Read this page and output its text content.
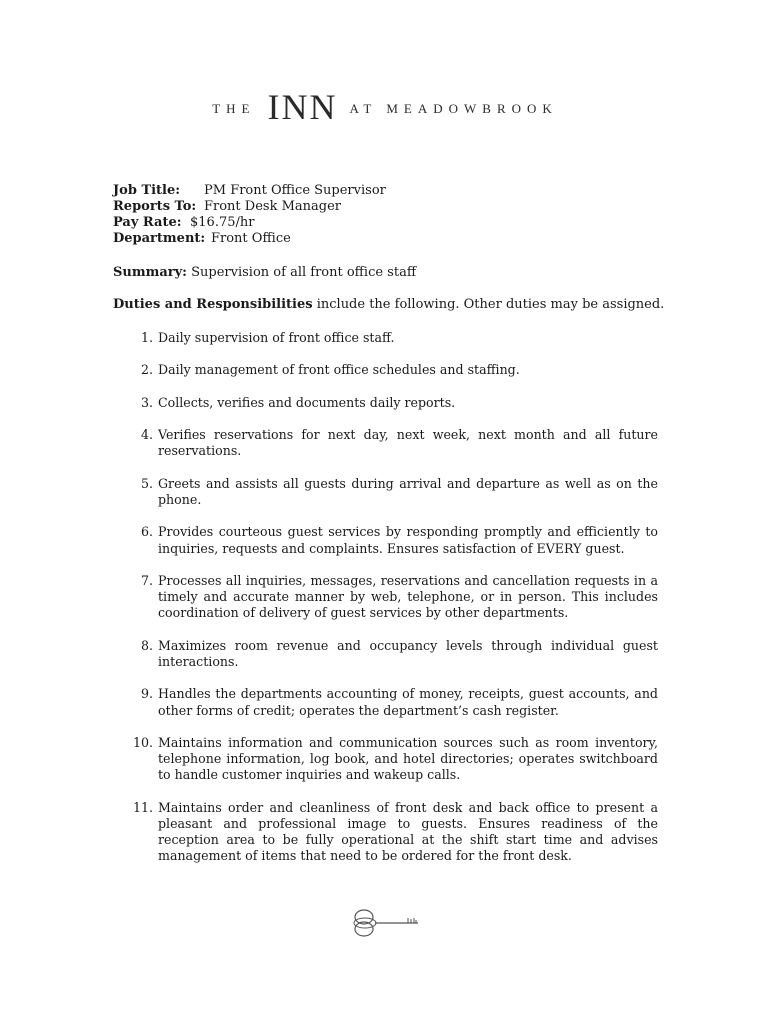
$^{THE}$ INN $^{AT MEADOWBROOK}$
Job Title: PM Front Office Supervisor
Reports To: Front Desk Manager
Pay Rate: $16.75/hr
Department: Front Office
Summary: Supervision of all front office staff
Duties and Responsibilities include the following. Other duties may be assigned.
1. Daily supervision of front office staff.
2. Daily management of front office schedules and staffing.
3. Collects, verifies and documents daily reports.
4. Verifies reservations for next day, next week, next month and all future reservations.
5. Greets and assists all guests during arrival and departure as well as on the phone.
6. Provides courteous guest services by responding promptly and efficiently to inquiries, requests and complaints. Ensures satisfaction of EVERY guest.
7. Processes all inquiries, messages, reservations and cancellation requests in a timely and accurate manner by web, telephone, or in person. This includes coordination of delivery of guest services by other departments.
8. Maximizes room revenue and occupancy levels through individual guest interactions.
9. Handles the departments accounting of money, receipts, guest accounts, and other forms of credit; operates the department’s cash register.
10. Maintains information and communication sources such as room inventory, telephone information, log book, and hotel directories; operates switchboard to handle customer inquiries and wakeup calls.
11. Maintains order and cleanliness of front desk and back office to present a pleasant and professional image to guests. Ensures readiness of the reception area to be fully operational at the shift start time and advises management of items that need to be ordered for the front desk.
